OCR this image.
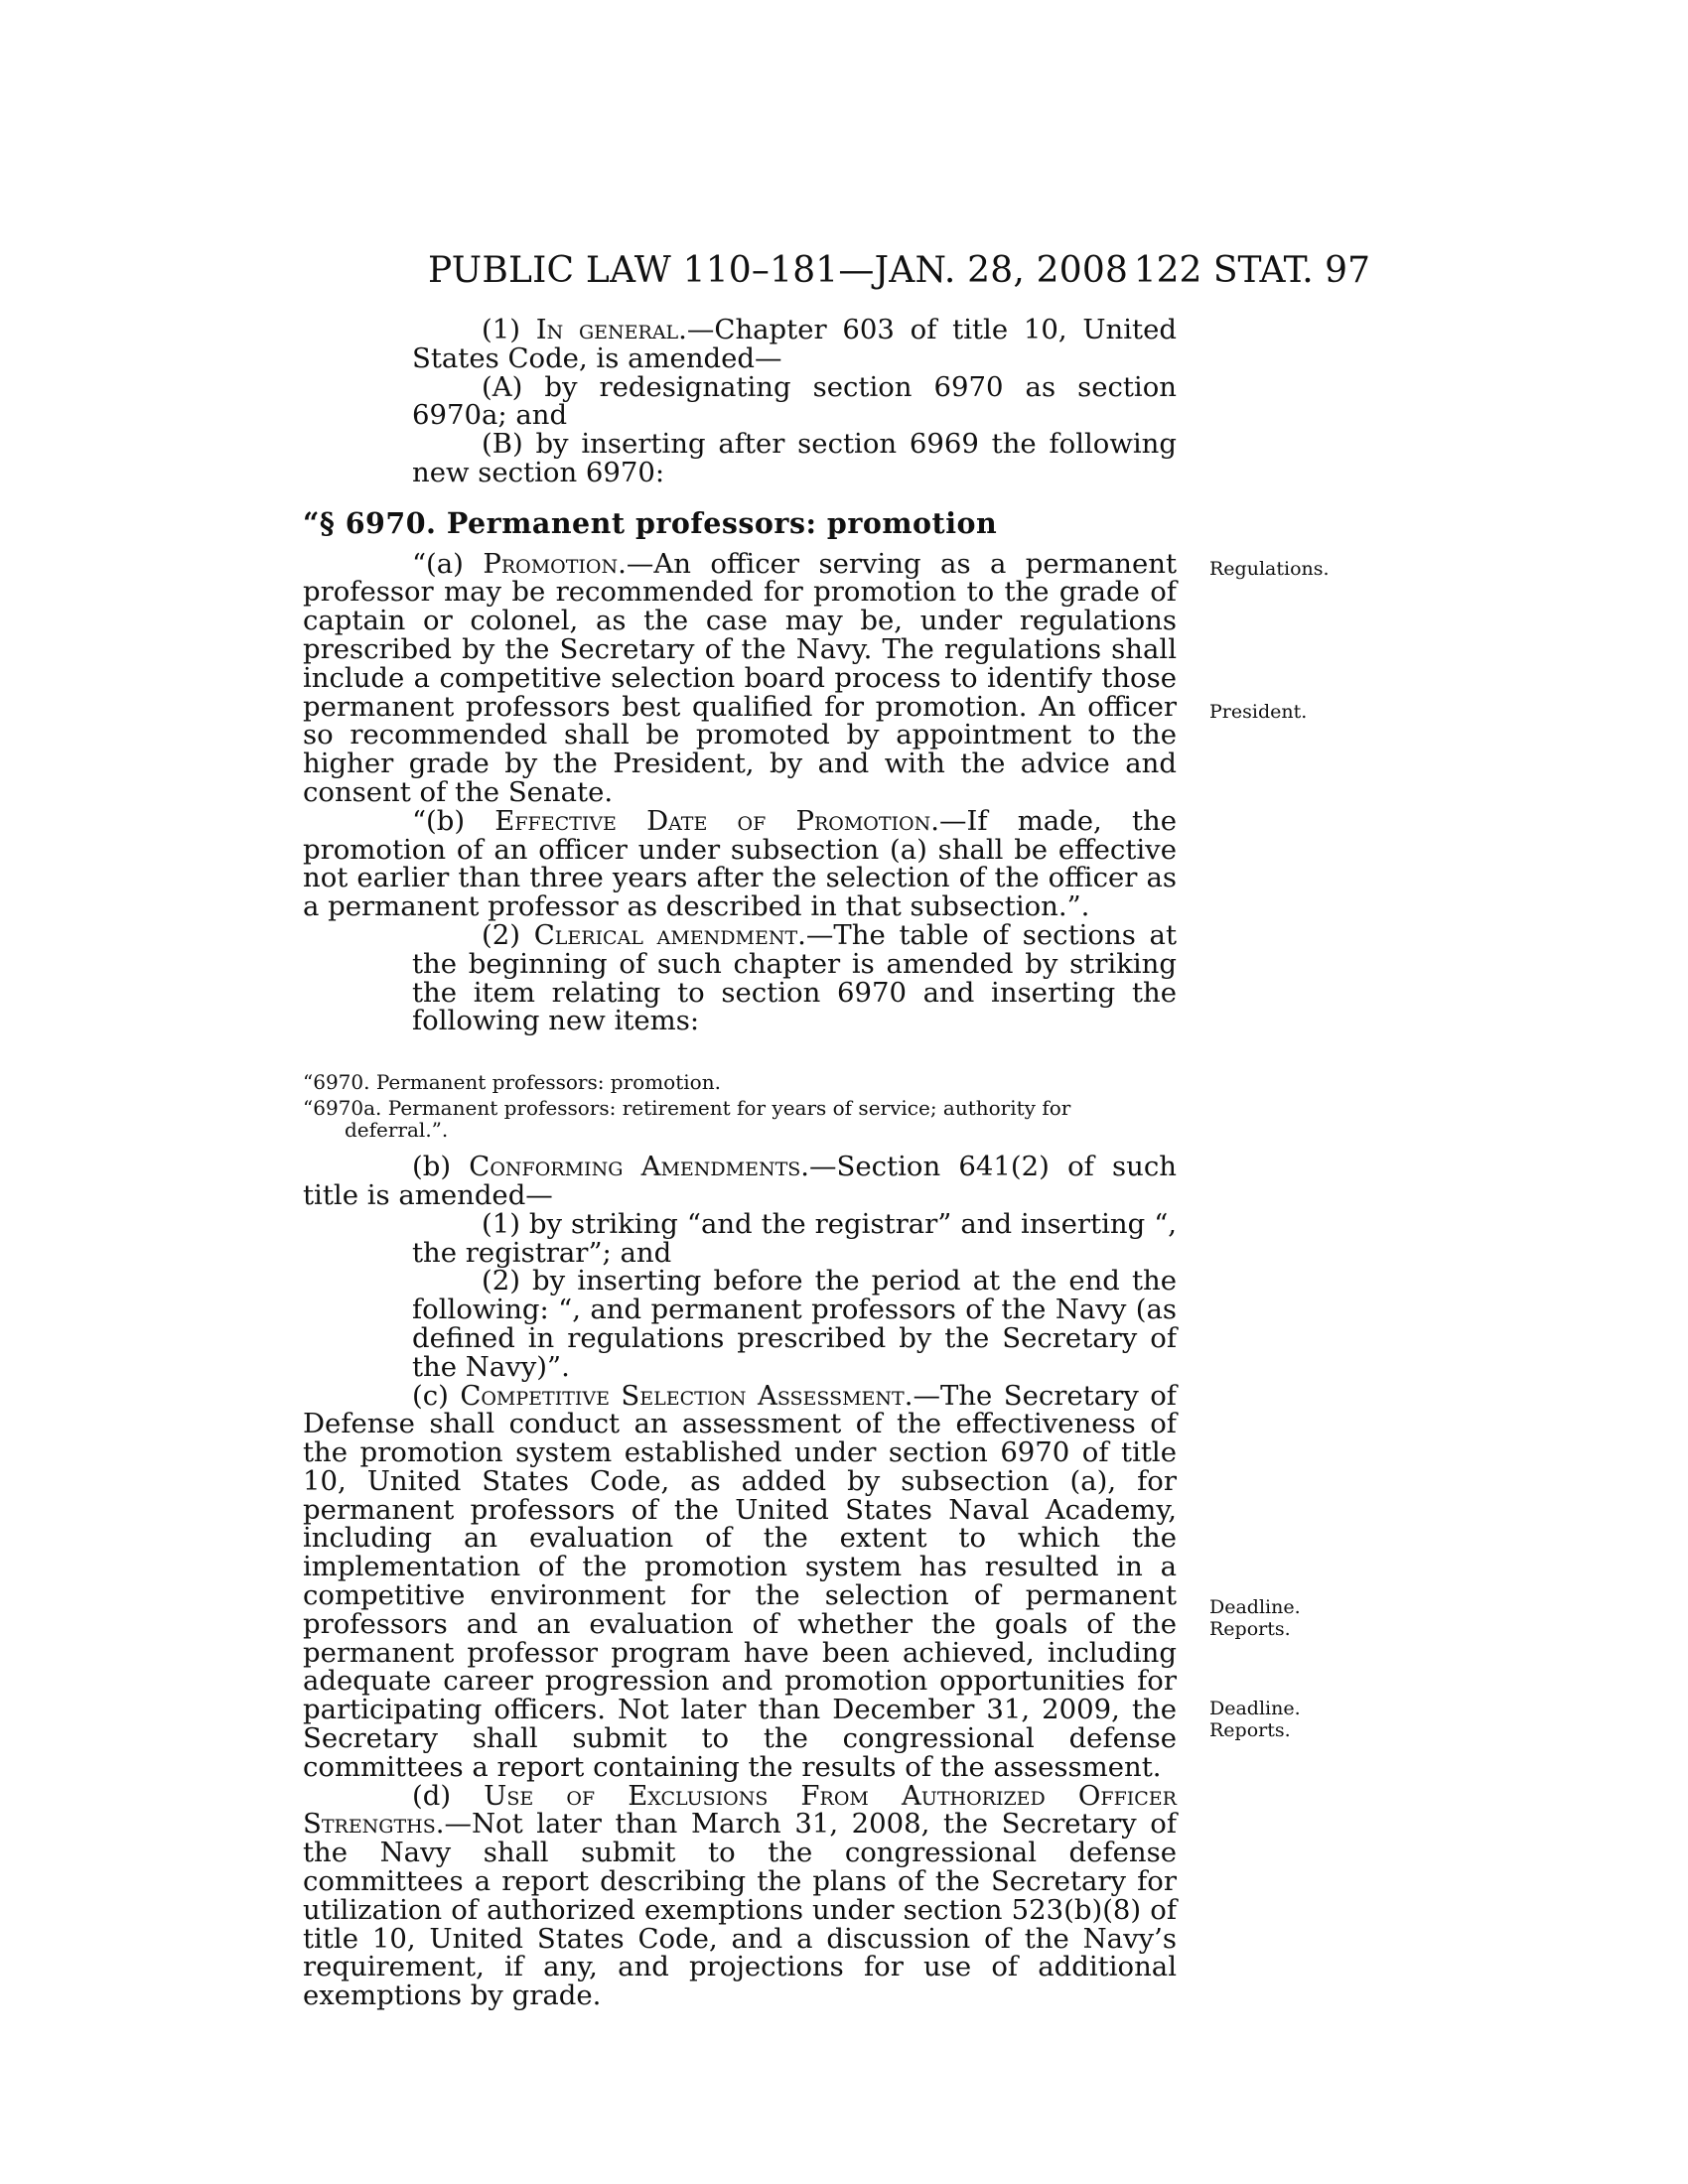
PUBLIC LAW 110–181—JAN. 28, 2008 122 STAT. 97

(1) In general.—Chapter 603 of title 10, United States Code, is amended—

(A) by redesignating section 6970 as section 6970a; and

(B) by inserting after section 6969 the following new section 6970:

“§ 6970. Permanent professors: promotion

“(a) Promotion.—An officer serving as a permanent professor may be recommended for promotion to the grade of captain or colonel, as the case may be, under regulations prescribed by the Secretary of the Navy. The regulations shall include a competitive selection board process to identify those permanent professors best qualified for promotion. An officer so recommended shall be promoted by appointment to the higher grade by the President, by and with the advice and consent of the Senate.

“(b) Effective Date of Promotion.—If made, the promotion of an officer under subsection (a) shall be effective not earlier than three years after the selection of the officer as a permanent professor as described in that subsection.”.

(2) Clerical amendment.—The table of sections at the beginning of such chapter is amended by striking the item relating to section 6970 and inserting the following new items:

“6970. Permanent professors: promotion.
“6970a. Permanent professors: retirement for years of service; authority for deferral.”.

(b) Conforming Amendments.—Section 641(2) of such title is amended—

(1) by striking “and the registrar” and inserting “, the registrar”; and

(2) by inserting before the period at the end the following: “, and permanent professors of the Navy (as defined in regulations prescribed by the Secretary of the Navy)”.

(c) Competitive Selection Assessment.—The Secretary of Defense shall conduct an assessment of the effectiveness of the promotion system established under section 6970 of title 10, United States Code, as added by subsection (a), for permanent professors of the United States Naval Academy, including an evaluation of the extent to which the implementation of the promotion system has resulted in a competitive environment for the selection of permanent professors and an evaluation of whether the goals of the permanent professor program have been achieved, including adequate career progression and promotion opportunities for participating officers. Not later than December 31, 2009, the Secretary shall submit to the congressional defense committees a report containing the results of the assessment.

(d) Use of Exclusions From Authorized Officer Strengths.—Not later than March 31, 2008, the Secretary of the Navy shall submit to the congressional defense committees a report describing the plans of the Secretary for utilization of authorized exemptions under section 523(b)(8) of title 10, United States Code, and a discussion of the Navy’s requirement, if any, and projections for use of additional exemptions by grade.

Regulations.

President.

Deadline.

Reports.

Deadline.

Reports.
